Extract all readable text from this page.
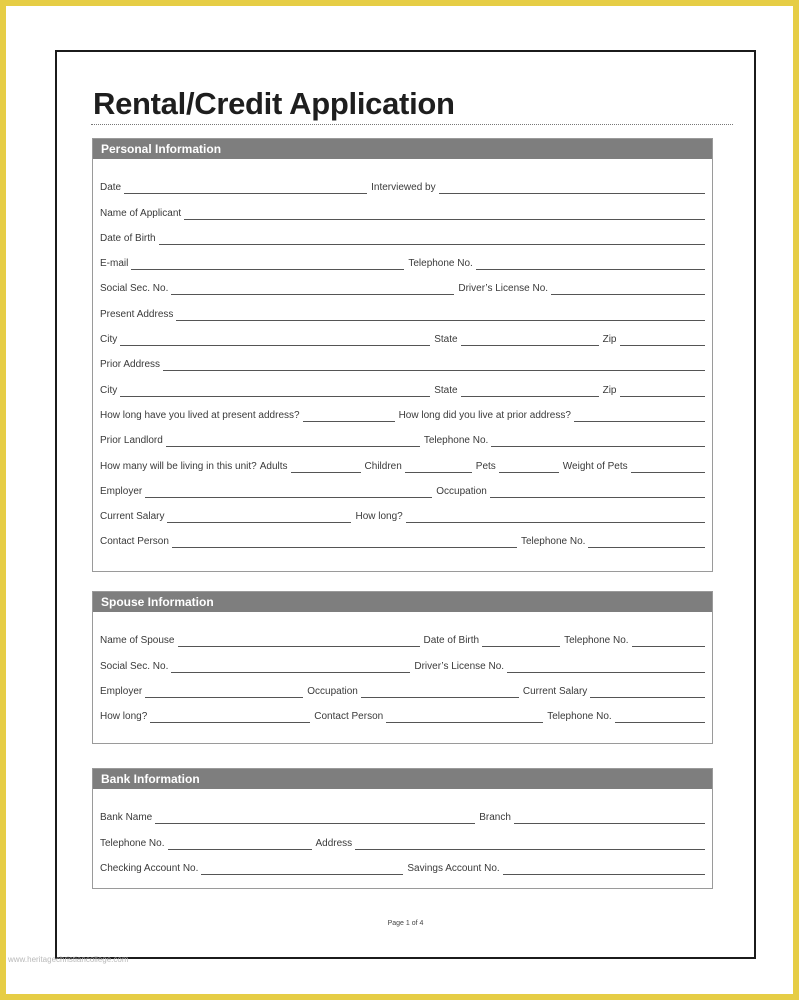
Rental/Credit Application
Personal Information
Date	Interviewed by
Name of Applicant
Date of Birth
E-mail	Telephone No.
Social Sec. No.	Driver’s License No.
Present Address
City	State	Zip
Prior Address
City	State	Zip
How long have you lived at present address?	How long did you live at prior address?
Prior Landlord	Telephone No.
How many will be living in this unit? Adults	Children	Pets	Weight of Pets
Employer	Occupation
Current Salary	How long?
Contact Person	Telephone No.
Spouse Information
Name of Spouse	Date of Birth	Telephone No.
Social Sec. No.	Driver’s License No.
Employer	Occupation	Current Salary
How long?	Contact Person	Telephone No.
Bank Information
Bank Name	Branch
Telephone No.	Address
Checking Account No.	Savings Account No.
Page 1 of 4
www.heritagechristiancollege.com
